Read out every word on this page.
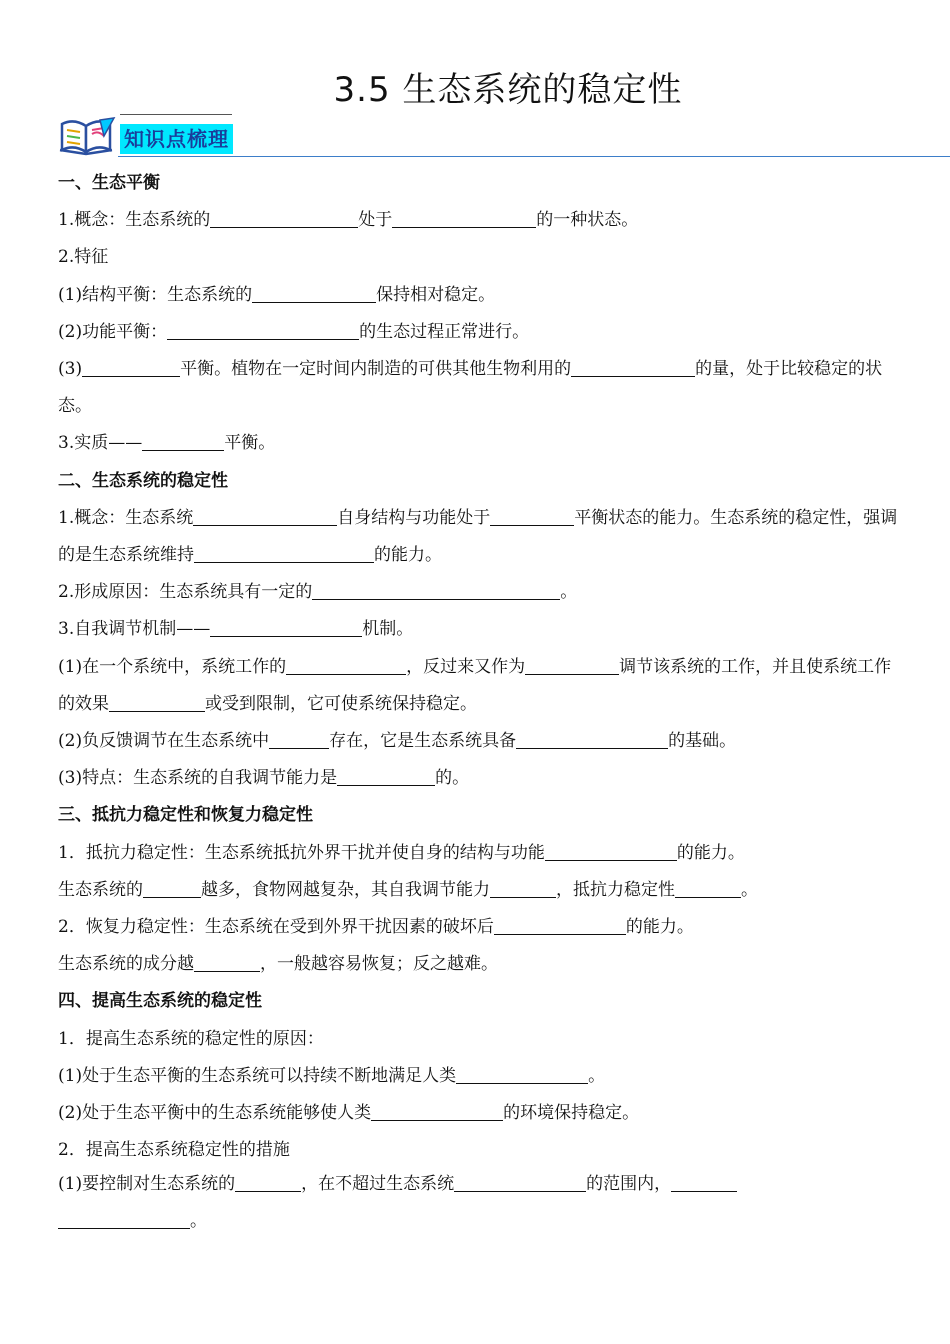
3.5 生态系统的稳定性
知识点梳理

一、生态平衡

1.概念：生态系统的	处于	的一种状态。

2.特征

(1)结构平衡：生态系统的	保持相对稳定。

(2)功能平衡：	的生态过程正常进行。

(3)	平衡。植物在一定时间内制造的可供其他生物利用的	的量，处于比较稳定的状态。

3.实质——	平衡。

二、生态系统的稳定性

1.概念：生态系统	自身结构与功能处于	平衡状态的能力。生态系统的稳定性，强调的是生态系统维持	的能力。

2.形成原因：生态系统具有一定的	。

3.自我调节机制——	机制。

(1)在一个系统中，系统工作的	，反过来又作为	调节该系统的工作，并且使系统工作的效果	或受到限制，它可使系统保持稳定。

(2)负反馈调节在生态系统中	存在，它是生态系统具备	的基础。

(3)特点：生态系统的自我调节能力是	的。

三、抵抗力稳定性和恢复力稳定性

1．抵抗力稳定性：生态系统抵抗外界干扰并使自身的结构与功能	的能力。

生态系统的	越多，食物网越复杂，其自我调节能力	，抵抗力稳定性	。

2．恢复力稳定性：生态系统在受到外界干扰因素的破坏后	的能力。

生态系统的成分越	，一般越容易恢复；反之越难。

四、提高生态系统的稳定性

1．提高生态系统的稳定性的原因：

(1)处于生态平衡的生态系统可以持续不断地满足人类	。

(2)处于生态平衡中的生态系统能够使人类	的环境保持稳定。

2．提高生态系统稳定性的措施

(1)要控制对生态系统的	，在不超过生态系统	的范围内，

。
